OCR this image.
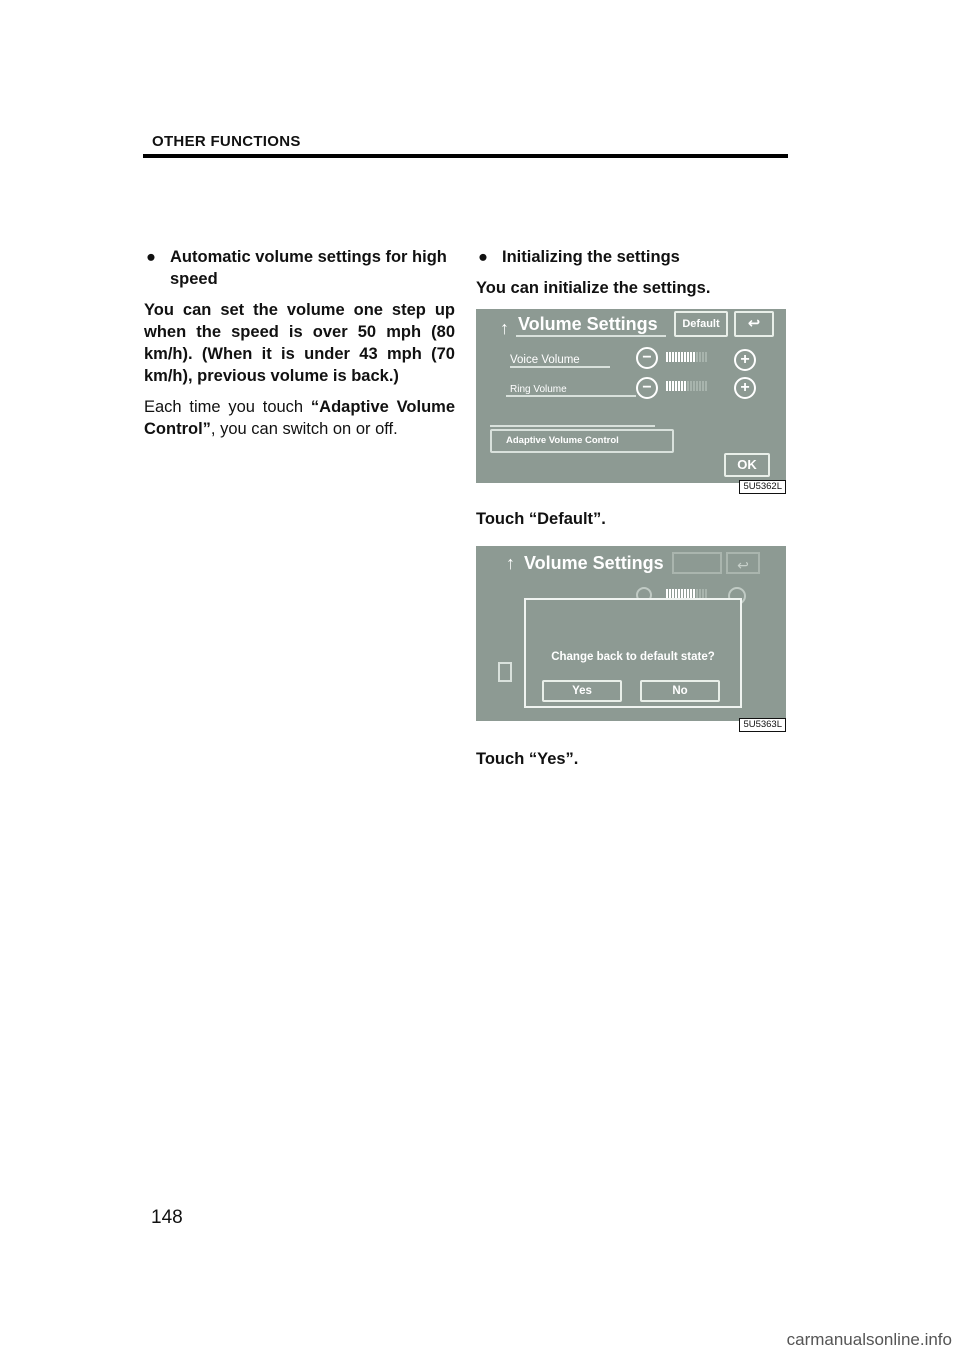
OTHER FUNCTIONS
● Automatic volume settings for high speed

You can set the volume one step up when the speed is over 50 mph (80 km/h). (When it is under 43 mph (70 km/h), previous volume is back.)

Each time you touch “Adaptive Volume Control”, you can switch on or off.

● Initializing the settings

You can initialize the settings.

↑ Volume Settings	Default	↩
Voice Volume	−	+
Ring Volume	−	+
Adaptive Volume Control
OK
5U5362L

Touch “Default”.

↑ Volume Settings	↩
Change back to default state?
Yes	No
5U5363L

Touch “Yes”.

148
carmanualsonline.info
